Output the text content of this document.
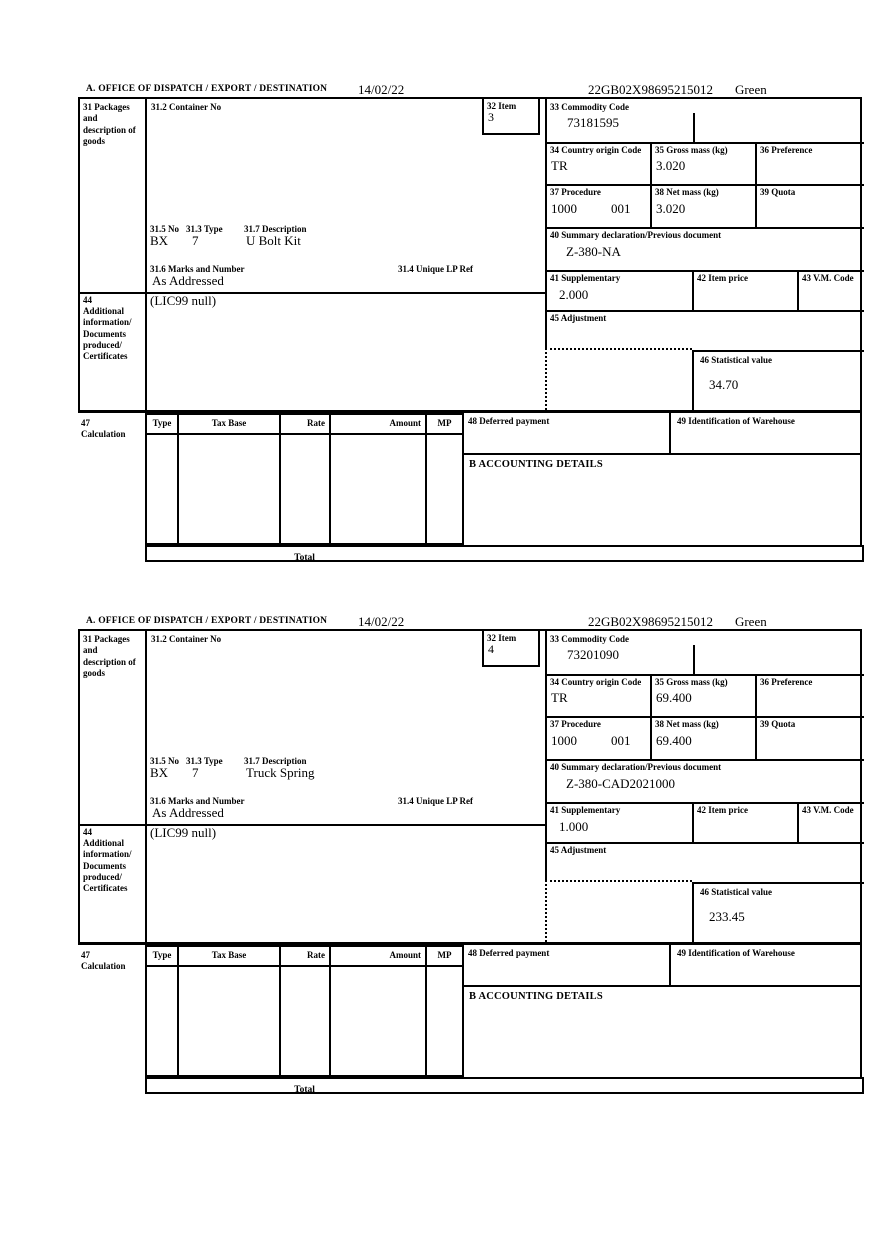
A. OFFICE OF DISPATCH / EXPORT / DESTINATION 14/02/22	22GB02X98695215012 Green
31 Packages and description of goods
31.2 Container No	32 Item
3
33 Commodity Code
73181595
34 Country origin Code
TR
35 Gross mass (kg)
3.020
36 Preference
37 Procedure
1000	001
38 Net mass (kg)
3.020
39 Quota
40 Summary declaration/Previous document
Z-380-NA
41 Supplementary
2.000
42 Item price	43 V.M. Code
45 Adjustment
46 Statistical value
34.70
31.5 No 31.3 Type 31.7 Description
BX 7	U Bolt Kit
31.6 Marks and Number	31.4 Unique LP Ref
As Addressed
44
Additional information/ Documents produced/ Certificates
(LIC99 null)
47
Calculation
Type	Tax Base	Rate	Amount	MP	48 Deferred payment	49 Identification of Warehouse
B ACCOUNTING DETAILS
Total
A. OFFICE OF DISPATCH / EXPORT / DESTINATION 14/02/22	22GB02X98695215012 Green
31 Packages and description of goods
31.2 Container No	32 Item
4
33 Commodity Code
73201090
34 Country origin Code
TR
35 Gross mass (kg)
69.400
36 Preference
37 Procedure
1000	001
38 Net mass (kg)
69.400
39 Quota
40 Summary declaration/Previous document
Z-380-CAD2021000
41 Supplementary
1.000
42 Item price	43 V.M. Code
45 Adjustment
46 Statistical value
233.45
31.5 No 31.3 Type 31.7 Description
BX 7	Truck Spring
31.6 Marks and Number	31.4 Unique LP Ref
As Addressed
44
Additional information/ Documents produced/ Certificates
(LIC99 null)
47
Calculation
Type	Tax Base	Rate	Amount	MP	48 Deferred payment	49 Identification of Warehouse
B ACCOUNTING DETAILS
Total
